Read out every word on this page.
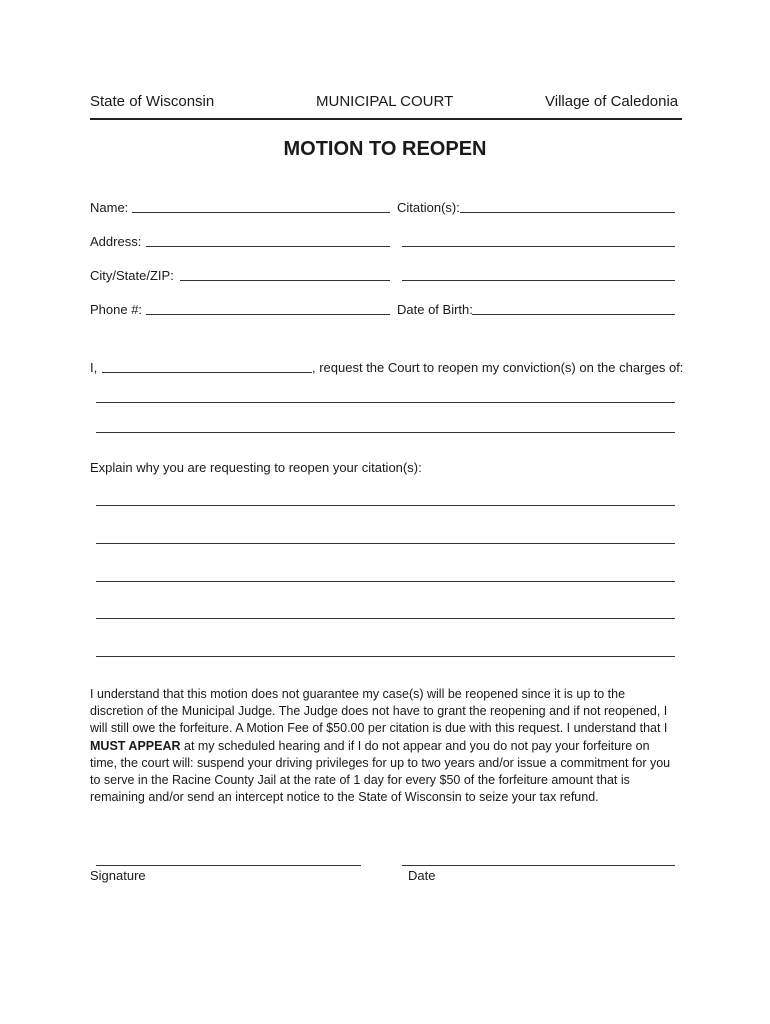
State of Wisconsin	MUNICIPAL COURT	Village of Caledonia
MOTION TO REOPEN
Name:	Citation(s):
Address:
City/State/ZIP:
Phone #:	Date of Birth:
I,	, request the Court to reopen my conviction(s) on the charges of:
Explain why you are requesting to reopen your citation(s):
I understand that this motion does not guarantee my case(s) will be reopened since it is up to the discretion of the Municipal Judge. The Judge does not have to grant the reopening and if not reopened, I will still owe the forfeiture. A Motion Fee of $50.00 per citation is due with this request. I understand that I MUST APPEAR at my scheduled hearing and if I do not appear and you do not pay your forfeiture on time, the court will: suspend your driving privileges for up to two years and/or issue a commitment for you to serve in the Racine County Jail at the rate of 1 day for every $50 of the forfeiture amount that is remaining and/or send an intercept notice to the State of Wisconsin to seize your tax refund.
Signature	Date
